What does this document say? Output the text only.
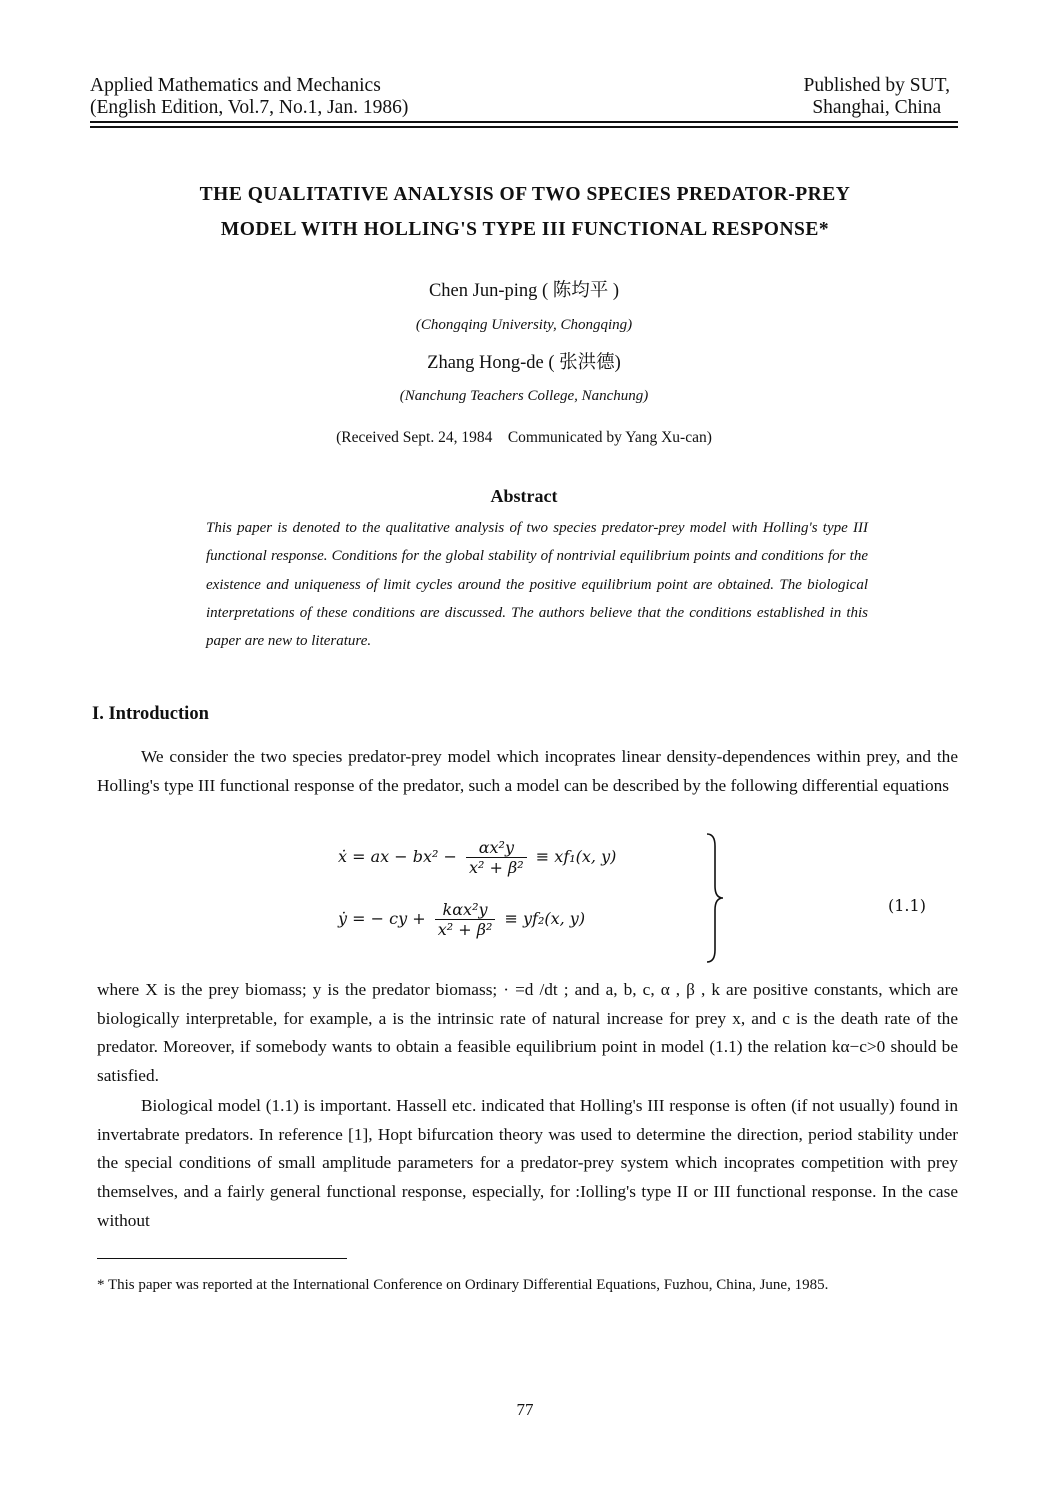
Applied Mathematics and Mechanics
(English Edition, Vol.7, No.1, Jan. 1986)
Published by SUT,
Shanghai, China
THE QUALITATIVE ANALYSIS OF TWO SPECIES PREDATOR-PREY
MODEL WITH HOLLING'S TYPE III FUNCTIONAL RESPONSE*
Chen Jun-ping ( 陈均平 )
(Chongqing University, Chongqing)
Zhang Hong-de ( 张洪德)
(Nanchung Teachers College, Nanchung)
(Received Sept. 24, 1984 Communicated by Yang Xu-can)
Abstract
This paper is denoted to the qualitative analysis of two species predator-prey model with Holling's type III functional response. Conditions for the global stability of nontrivial equilibrium points and conditions for the existence and uniqueness of limit cycles around the positive equilibrium point are obtained. The biological interpretations of these conditions are discussed. The authors believe that the conditions established in this paper are new to literature.
I. Introduction
We consider the two species predator-prey model which incoprates linear density-dependences within prey, and the Holling's type III functional response of the predator, such a model can be described by the following differential equations
ẋ = ax − $bx^2 - \frac{\text{αx²y}}{\text{x² + β²}} \equiv xf_1(x$, y)
ẏ = − cy + $\frac{\text{kαx²y}}{\text{x² + β²}} \equiv yf_2(x$, y)
(1.1)
where X is the prey biomass; y is the predator biomass; · =d /dt ; and a, b, c, α , β , k are positive constants, which are biologically interpretable, for example, a is the intrinsic rate of natural increase for prey x, and c is the death rate of the predator. Moreover, if somebody wants to obtain a feasible equilibrium point in model (1.1) the relation kα−c>0 should be satisfied.
Biological model (1.1) is important. Hassell etc. indicated that Holling's III response is often (if not usually) found in invertabrate predators. In reference [1], Hopt bifurcation theory was used to determine the direction, period stability under the special conditions of small amplitude parameters for a predator-prey system which incoprates competition with prey themselves, and a fairly general functional response, especially, for :Iolling's type II or III functional response. In the case without
* This paper was reported at the International Conference on Ordinary Differential Equations, Fuzhou, China, June, 1985.
77
